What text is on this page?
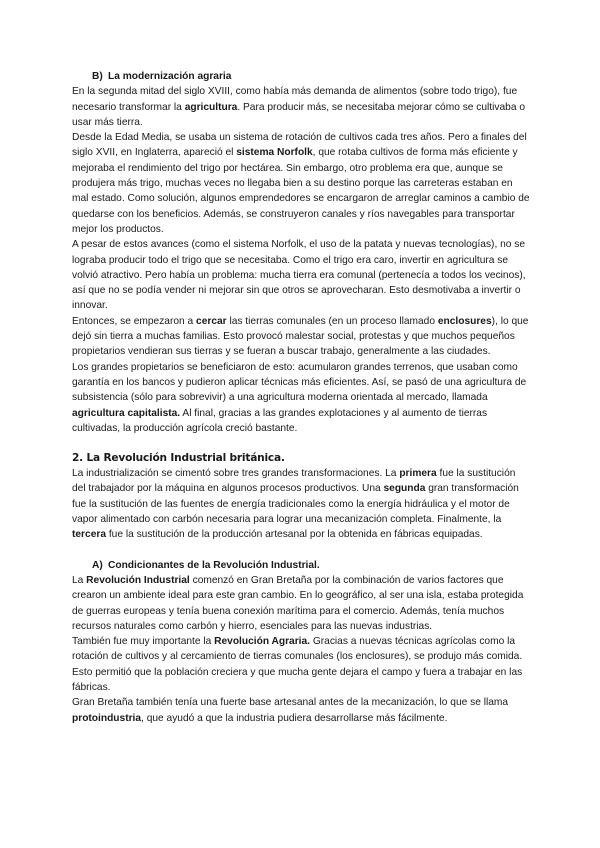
B) La modernización agraria

En la segunda mitad del siglo XVIII, como había más demanda de alimentos (sobre todo trigo), fue necesario transformar la agricultura. Para producir más, se necesitaba mejorar cómo se cultivaba o usar más tierra.

Desde la Edad Media, se usaba un sistema de rotación de cultivos cada tres años. Pero a finales del siglo XVII, en Inglaterra, apareció el sistema Norfolk, que rotaba cultivos de forma más eficiente y mejoraba el rendimiento del trigo por hectárea. Sin embargo, otro problema era que, aunque se produjera más trigo, muchas veces no llegaba bien a su destino porque las carreteras estaban en mal estado. Como solución, algunos emprendedores se encargaron de arreglar caminos a cambio de quedarse con los beneficios. Además, se construyeron canales y ríos navegables para transportar mejor los productos.

A pesar de estos avances (como el sistema Norfolk, el uso de la patata y nuevas tecnologías), no se lograba producir todo el trigo que se necesitaba. Como el trigo era caro, invertir en agricultura se volvió atractivo. Pero había un problema: mucha tierra era comunal (pertenecía a todos los vecinos), así que no se podía vender ni mejorar sin que otros se aprovecharan. Esto desmotivaba a invertir o innovar.

Entonces, se empezaron a cercar las tierras comunales (en un proceso llamado enclosures), lo que dejó sin tierra a muchas familias. Esto provocó malestar social, protestas y que muchos pequeños propietarios vendieran sus tierras y se fueran a buscar trabajo, generalmente a las ciudades.

Los grandes propietarios se beneficiaron de esto: acumularon grandes terrenos, que usaban como garantía en los bancos y pudieron aplicar técnicas más eficientes. Así, se pasó de una agricultura de subsistencia (sólo para sobrevivir) a una agricultura moderna orientada al mercado, llamada agricultura capitalista. Al final, gracias a las grandes explotaciones y al aumento de tierras cultivadas, la producción agrícola creció bastante.

2. La Revolución Industrial británica.

La industrialización se cimentó sobre tres grandes transformaciones. La primera fue la sustitución del trabajador por la máquina en algunos procesos productivos. Una segunda gran transformación fue la sustitución de las fuentes de energía tradicionales como la energía hidráulica y el motor de vapor alimentado con carbón necesaria para lograr una mecanización completa. Finalmente, la tercera fue la sustitución de la producción artesanal por la obtenida en fábricas equipadas.

A) Condicionantes de la Revolución Industrial.

La Revolución Industrial comenzó en Gran Bretaña por la combinación de varios factores que crearon un ambiente ideal para este gran cambio. En lo geográfico, al ser una isla, estaba protegida de guerras europeas y tenía buena conexión marítima para el comercio. Además, tenía muchos recursos naturales como carbón y hierro, esenciales para las nuevas industrias.

También fue muy importante la Revolución Agraria. Gracias a nuevas técnicas agrícolas como la rotación de cultivos y al cercamiento de tierras comunales (los enclosures), se produjo más comida. Esto permitió que la población creciera y que mucha gente dejara el campo y fuera a trabajar en las fábricas.

Gran Bretaña también tenía una fuerte base artesanal antes de la mecanización, lo que se llama protoindustria, que ayudó a que la industria pudiera desarrollarse más fácilmente.
